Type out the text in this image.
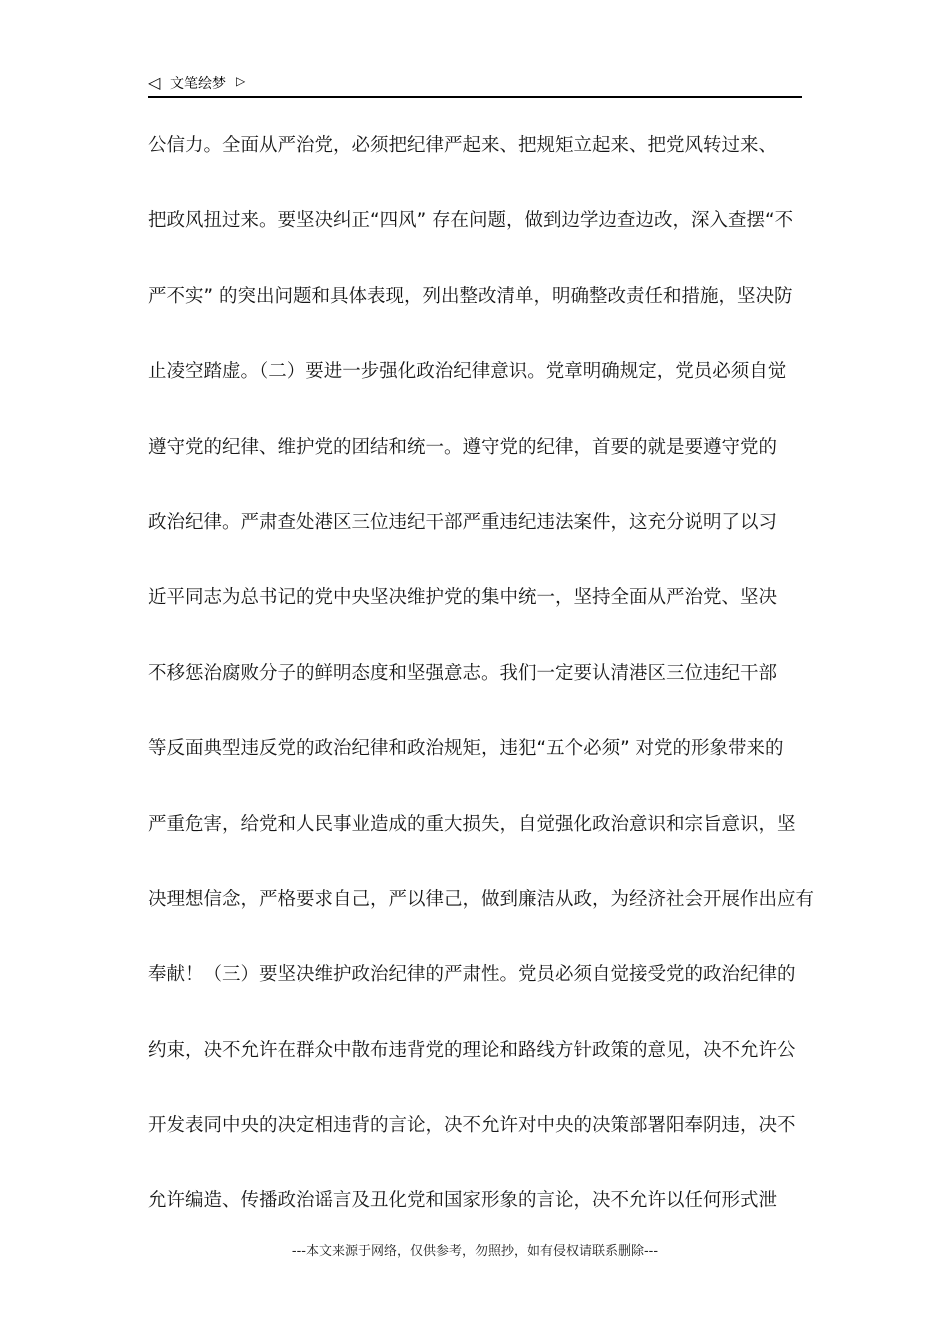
◁ 文笔绘梦 ▷
公信力。全面从严治党，必须把纪律严起来、把规矩立起来、把党风转过来、
把政风扭过来。要坚决纠正“四风” 存在问题，做到边学边查边改，深入查摆“不
严不实” 的突出问题和具体表现，列出整改清单，明确整改责任和措施，坚决防
止凌空踏虚。（二）要进一步强化政治纪律意识。党章明确规定，党员必须自觉
遵守党的纪律、维护党的团结和统一。遵守党的纪律，首要的就是要遵守党的
政治纪律。严肃查处港区三位违纪干部严重违纪违法案件，这充分说明了以习
近平同志为总书记的党中央坚决维护党的集中统一，坚持全面从严治党、坚决
不移惩治腐败分子的鲜明态度和坚强意志。我们一定要认清港区三位违纪干部
等反面典型违反党的政治纪律和政治规矩，违犯“五个必须” 对党的形象带来的
严重危害，给党和人民事业造成的重大损失，自觉强化政治意识和宗旨意识，坚
决理想信念，严格要求自己，严以律己，做到廉洁从政，为经济社会开展作出应有
奉献！（三）要坚决维护政治纪律的严肃性。党员必须自觉接受党的政治纪律的
约束，决不允许在群众中散布违背党的理论和路线方针政策的意见，决不允许公
开发表同中央的决定相违背的言论，决不允许对中央的决策部署阳奉阴违，决不
允许编造、传播政治谣言及丑化党和国家形象的言论，决不允许以任何形式泄
---本文来源于网络，仅供参考，勿照抄，如有侵权请联系删除---
